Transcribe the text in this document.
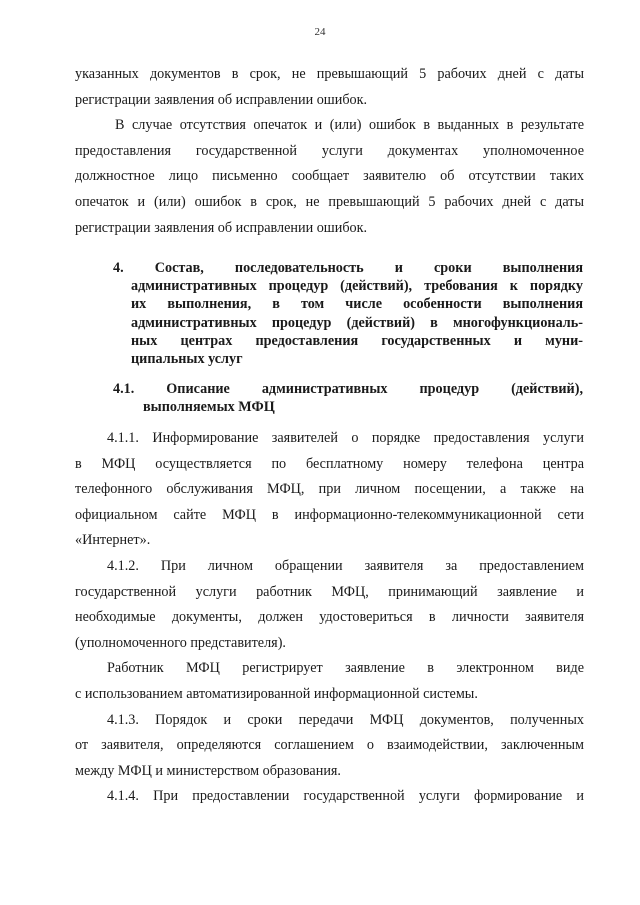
24

указанных документов в срок, не превышающий 5 рабочих дней с даты
регистрации заявления об исправлении ошибок.

В случае отсутствия опечаток и (или) ошибок в выданных в результате
предоставления государственной услуги документах уполномоченное
должностное лицо письменно сообщает заявителю об отсутствии таких
опечаток и (или) ошибок в срок, не превышающий 5 рабочих дней с даты
регистрации заявления об исправлении ошибок.

4. Состав, последовательность и сроки выполнения
административных процедур (действий), требования к порядку
их выполнения, в том числе особенности выполнения
административных процедур (действий) в многофункциональ-
ных центрах предоставления государственных и муни-
ципальных услуг

4.1. Описание административных процедур (действий),
выполняемых МФЦ

4.1.1. Информирование заявителей о порядке предоставления услуги
в МФЦ осуществляется по бесплатному номеру телефона центра
телефонного обслуживания МФЦ, при личном посещении, а также на
официальном сайте МФЦ в информационно-телекоммуникационной сети
«Интернет».

4.1.2. При личном обращении заявителя за предоставлением
государственной услуги работник МФЦ, принимающий заявление и
необходимые документы, должен удостовериться в личности заявителя
(уполномоченного представителя).

Работник МФЦ регистрирует заявление в электронном виде
с использованием автоматизированной информационной системы.

4.1.3. Порядок и сроки передачи МФЦ документов, полученных
от заявителя, определяются соглашением о взаимодействии, заключенным
между МФЦ и министерством образования.

4.1.4. При предоставлении государственной услуги формирование и
